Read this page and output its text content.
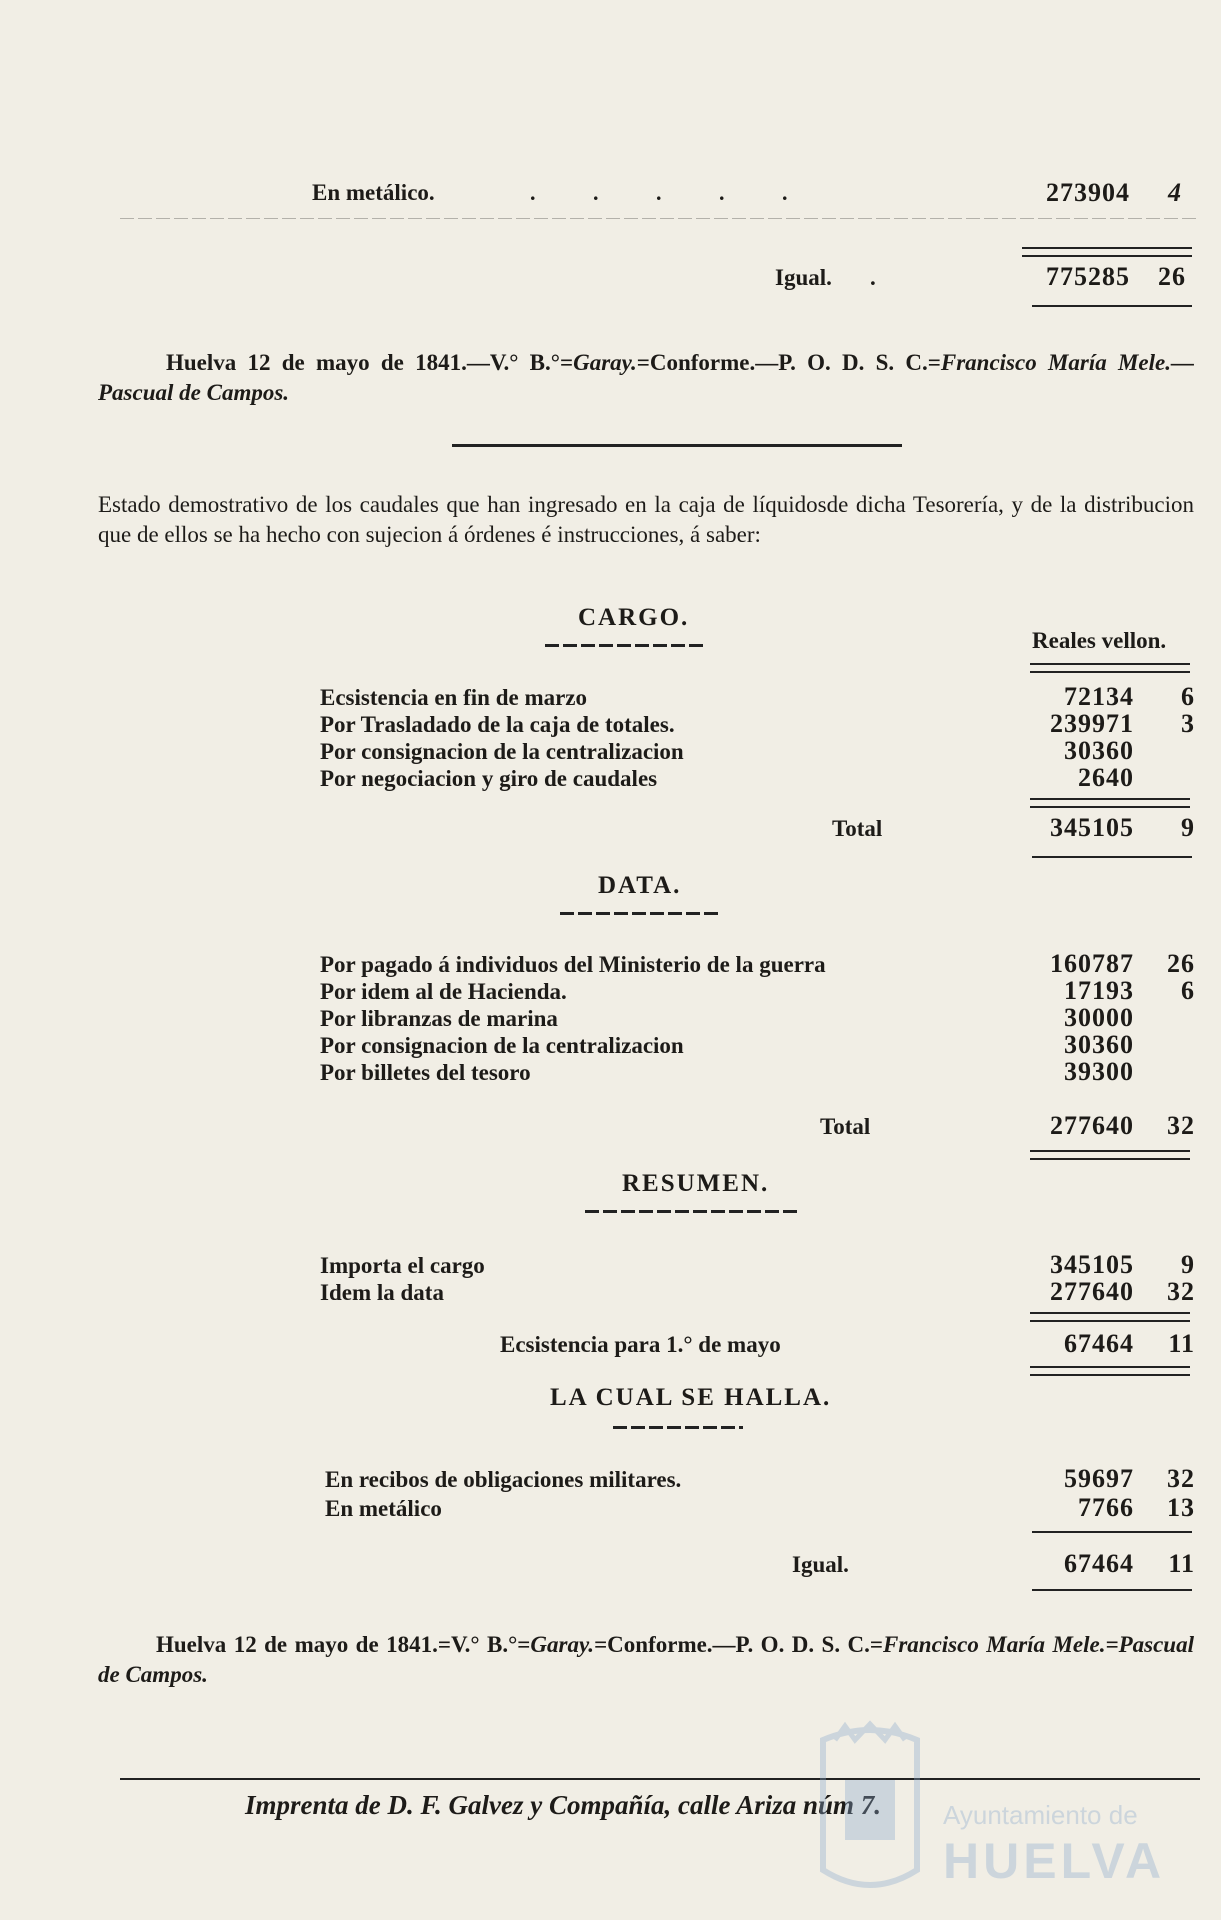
En metálico.	. . . . .	273904 4
Igual. .	775285 26
Huelva 12 de mayo de 1841.—V.° B.°=Garay.=Conforme.—P. O. D. S. C.=Francisco María Mele.—Pascual de Campos.
Estado demostrativo de los caudales que han ingresado en la caja de líquidosde dicha Tesorería, y de la distribucion que de ellos se ha hecho con sujecion á órdenes é instrucciones, á saber:
CARGO.
Reales vellon.
Ecsistencia en fin de marzo	72134	6
Por Trasladado de la caja de totales.	239971	3
Por consignacion de la centralizacion	30360
Por negociacion y giro de caudales	2640
Total	345105	9
DATA.
Por pagado á individuos del Ministerio de la guerra	160787	26
Por idem al de Hacienda.	17193	6
Por libranzas de marina	30000
Por consignacion de la centralizacion	30360
Por billetes del tesoro	39300
Total	277640	32
RESUMEN.
Importa el cargo	345105	9
Idem la data	277640	32
Ecsistencia para 1.° de mayo	67464	11
LA CUAL SE HALLA.
En recibos de obligaciones militares.	59697	32
En metálico	7766	13
Igual.	67464	11
Huelva 12 de mayo de 1841.=V.° B.°=Garay.=Conforme.—P. O. D. S. C.=Francisco María Mele.=Pascual de Campos.
Imprenta de D. F. Galvez y Compañía, calle Ariza núm 7. Ayuntamiento de
HUELVA
